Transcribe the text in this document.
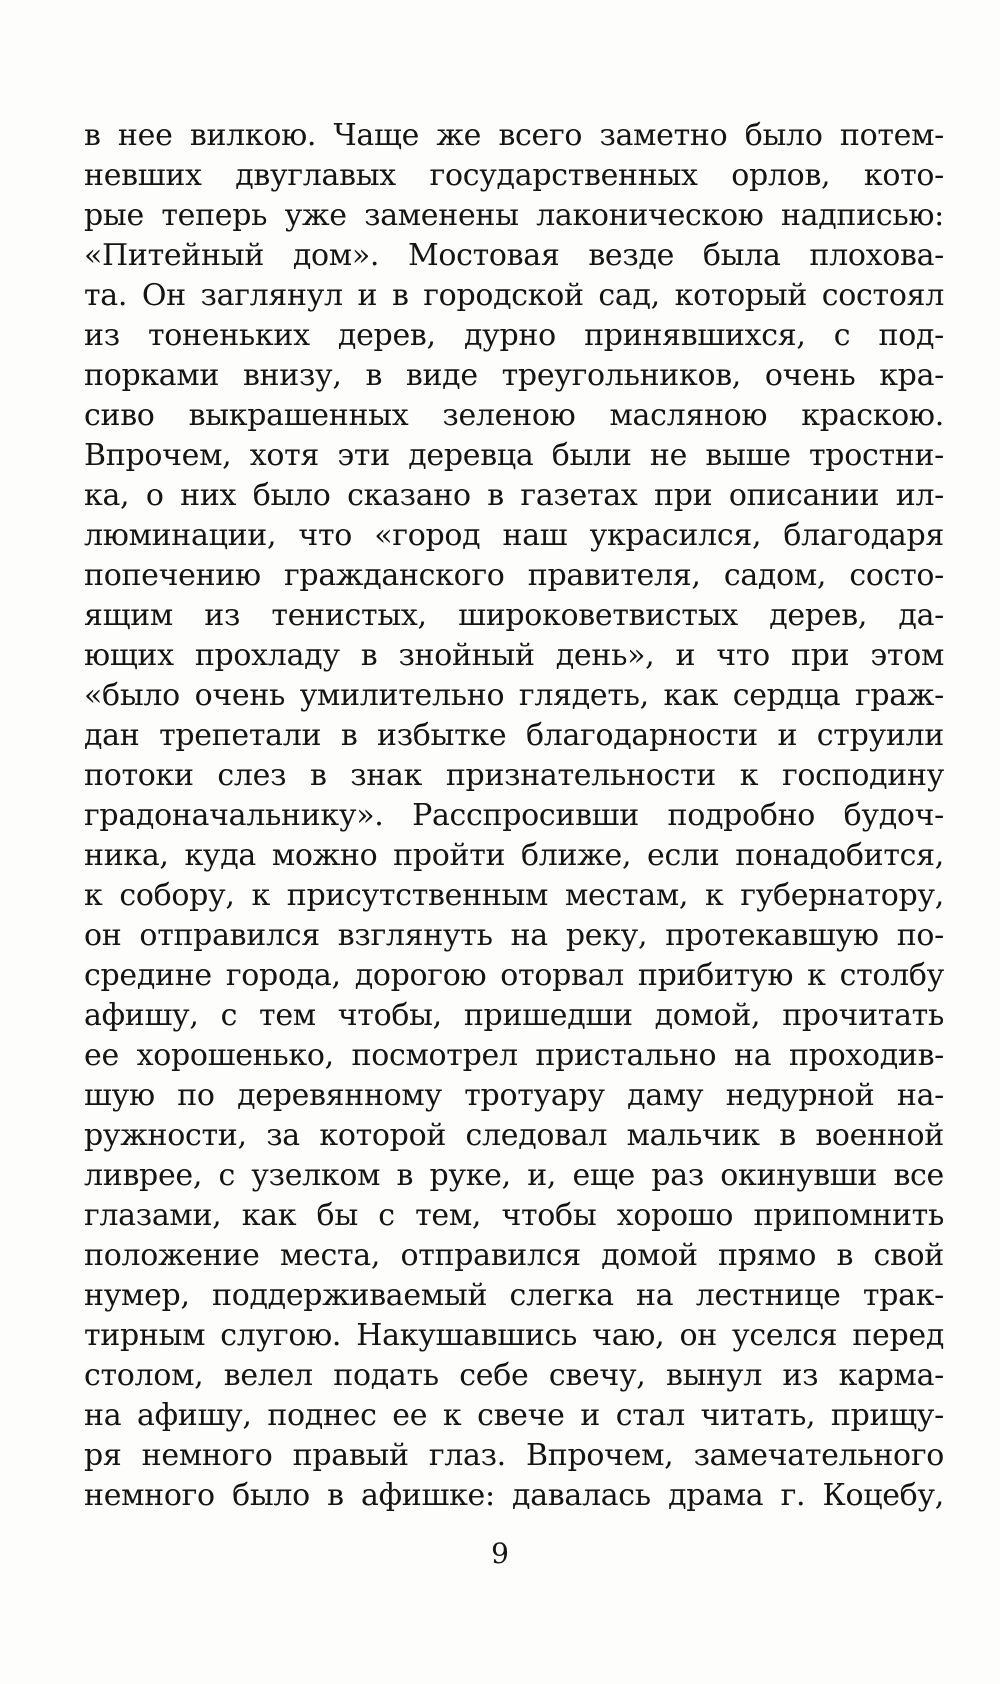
в нее вилкою. Чаще же всего заметно было потем-
невших двуглавых государственных орлов, кото-
рые теперь уже заменены лаконическою надписью:
«Питейный дом». Мостовая везде была плохова-
та. Он заглянул и в городской сад, который состоял
из тоненьких дерев, дурно принявшихся, с под-
порками внизу, в виде треугольников, очень кра-
сиво выкрашенных зеленою масляною краскою.
Впрочем, хотя эти деревца были не выше тростни-
ка, о них было сказано в газетах при описании ил-
люминации, что «город наш украсился, благодаря
попечению гражданского правителя, садом, состо-
ящим из тенистых, широковетвистых дерев, да-
ющих прохладу в знойный день», и что при этом
«было очень умилительно глядеть, как сердца граж-
дан трепетали в избытке благодарности и струили
потоки слез в знак признательности к господину
градоначальнику». Расспросивши подробно будоч-
ника, куда можно пройти ближе, если понадобится,
к собору, к присутственным местам, к губернатору,
он отправился взглянуть на реку, протекавшую по-
средине города, дорогою оторвал прибитую к столбу
афишу, с тем чтобы, пришедши домой, прочитать
ее хорошенько, посмотрел пристально на проходив-
шую по деревянному тротуару даму недурной на-
ружности, за которой следовал мальчик в военной
ливрее, с узелком в руке, и, еще раз окинувши все
глазами, как бы с тем, чтобы хорошо припомнить
положение места, отправился домой прямо в свой
нумер, поддерживаемый слегка на лестнице трак-
тирным слугою. Накушавшись чаю, он уселся перед
столом, велел подать себе свечу, вынул из карма-
на афишу, поднес ее к свече и стал читать, прищу-
ря немного правый глаз. Впрочем, замечательного
немного было в афишке: давалась драма г. Коцебу,
9
